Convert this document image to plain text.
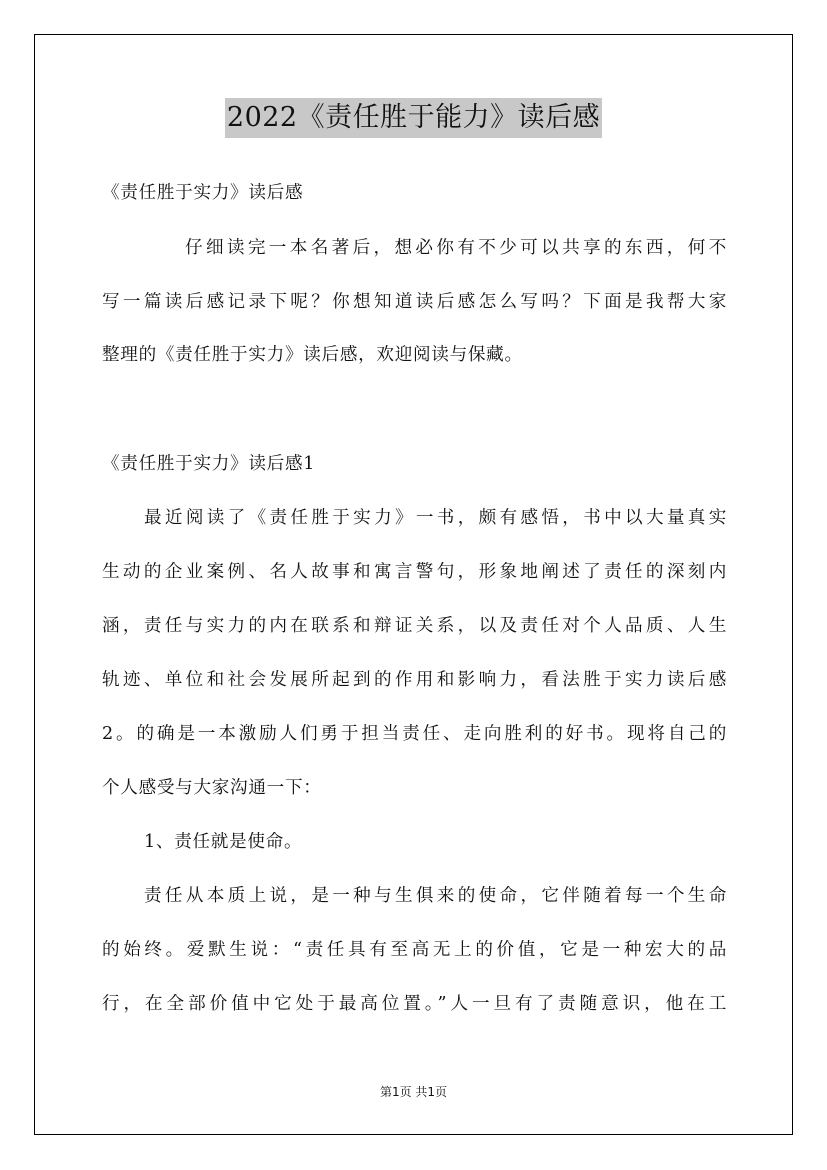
2022《责任胜于能力》读后感
《责任胜于实力》读后感
仔细读完一本名著后，想必你有不少可以共享的东西，何不
写一篇读后感记录下呢？你想知道读后感怎么写吗？下面是我帮大家
整理的《责任胜于实力》读后感，欢迎阅读与保藏。
《责任胜于实力》读后感1
最近阅读了《责任胜于实力》一书，颇有感悟，书中以大量真实
生动的企业案例、名人故事和寓言警句，形象地阐述了责任的深刻内
涵，责任与实力的内在联系和辩证关系，以及责任对个人品质、人生
轨迹、单位和社会发展所起到的作用和影响力，看法胜于实力读后感
2。的确是一本激励人们勇于担当责任、走向胜利的好书。现将自己的
个人感受与大家沟通一下：
1、责任就是使命。
责任从本质上说，是一种与生俱来的使命，它伴随着每一个生命
的始终。爱默生说：“责任具有至高无上的价值，它是一种宏大的品
行，在全部价值中它处于最高位置。”人一旦有了责随意识，他在工
第1页 共1页
